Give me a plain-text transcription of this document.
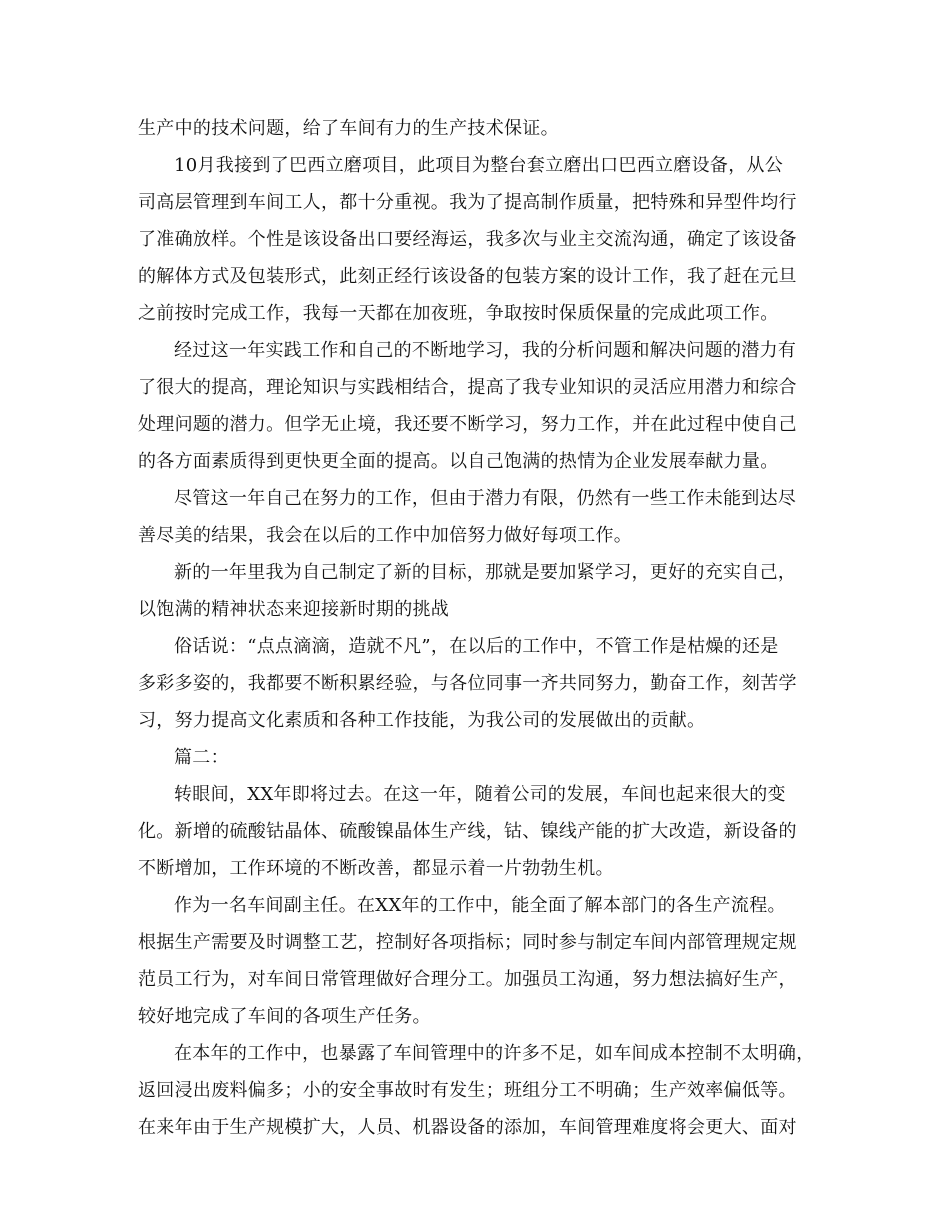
生产中的技术问题，给了车间有力的生产技术保证。
10月我接到了巴西立磨项目，此项目为整台套立磨出口巴西立磨设备，从公
司高层管理到车间工人，都十分重视。我为了提高制作质量，把特殊和异型件均行
了准确放样。个性是该设备出口要经海运，我多次与业主交流沟通，确定了该设备
的解体方式及包装形式，此刻正经行该设备的包装方案的设计工作，我了赶在元旦
之前按时完成工作，我每一天都在加夜班，争取按时保质保量的完成此项工作。
经过这一年实践工作和自己的不断地学习，我的分析问题和解决问题的潜力有
了很大的提高，理论知识与实践相结合，提高了我专业知识的灵活应用潜力和综合
处理问题的潜力。但学无止境，我还要不断学习，努力工作，并在此过程中使自己
的各方面素质得到更快更全面的提高。以自己饱满的热情为企业发展奉献力量。
尽管这一年自己在努力的工作，但由于潜力有限，仍然有一些工作未能到达尽
善尽美的结果，我会在以后的工作中加倍努力做好每项工作。
新的一年里我为自己制定了新的目标，那就是要加紧学习，更好的充实自己，
以饱满的精神状态来迎接新时期的挑战
俗话说：“点点滴滴，造就不凡”，在以后的工作中，不管工作是枯燥的还是
多彩多姿的，我都要不断积累经验，与各位同事一齐共同努力，勤奋工作，刻苦学
习，努力提高文化素质和各种工作技能，为我公司的发展做出的贡献。
篇二：
转眼间，XX年即将过去。在这一年，随着公司的发展，车间也起来很大的变
化。新增的硫酸钴晶体、硫酸镍晶体生产线，钴、镍线产能的扩大改造，新设备的
不断增加，工作环境的不断改善，都显示着一片勃勃生机。
作为一名车间副主任。在XX年的工作中，能全面了解本部门的各生产流程。
根据生产需要及时调整工艺，控制好各项指标；同时参与制定车间内部管理规定规
范员工行为，对车间日常管理做好合理分工。加强员工沟通，努力想法搞好生产，
较好地完成了车间的各项生产任务。
在本年的工作中，也暴露了车间管理中的许多不足，如车间成本控制不太明确，
返回浸出废料偏多；小的安全事故时有发生；班组分工不明确；生产效率偏低等。
在来年由于生产规模扩大，人员、机器设备的添加，车间管理难度将会更大、面对
